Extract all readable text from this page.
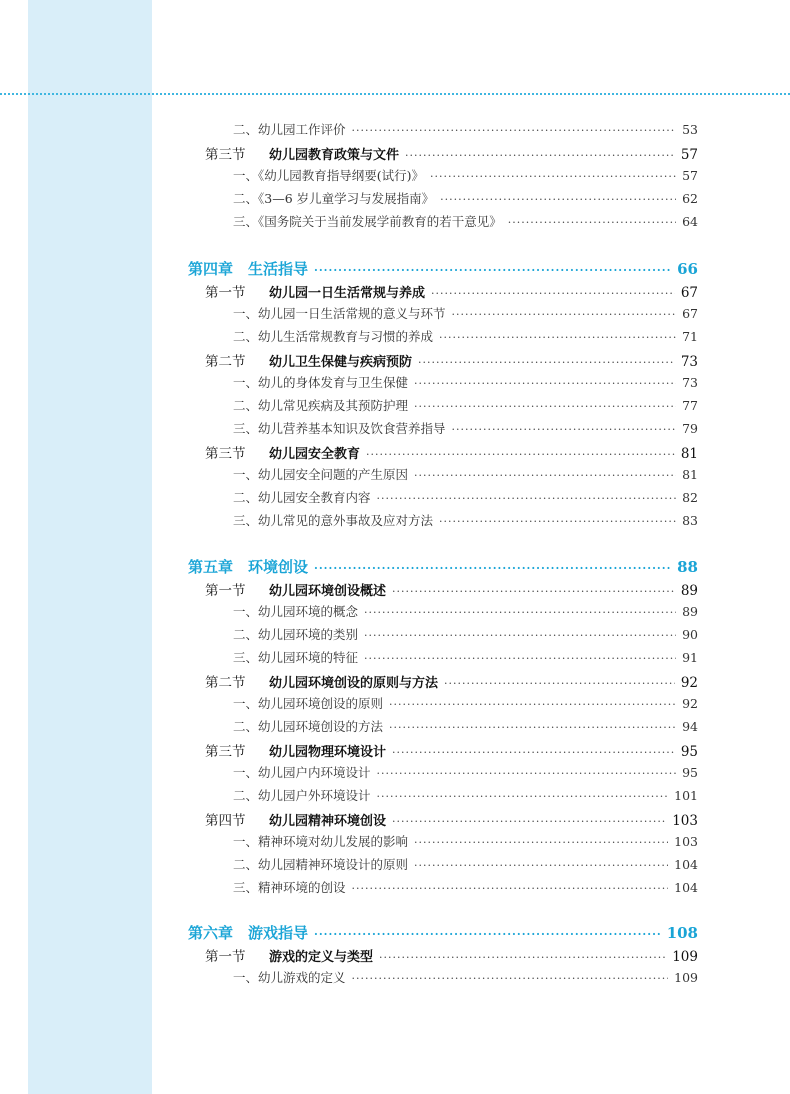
二、幼儿园工作评价 ·····	53
第三节 幼儿园教育政策与文件 ·····	57
一、《幼儿园教育指导纲要(试行)》 ·····	57
二、《3—6 岁儿童学习与发展指南》 ·····	62
三、《国务院关于当前发展学前教育的若干意见》 ·····	64
第四章　生活指导 ·····	66
第一节 幼儿园一日生活常规与养成 ·····	67
一、幼儿园一日生活常规的意义与环节 ·····	67
二、幼儿生活常规教育与习惯的养成 ·····	71
第二节 幼儿卫生保健与疾病预防 ·····	73
一、幼儿的身体发育与卫生保健 ·····	73
二、幼儿常见疾病及其预防护理 ·····	77
三、幼儿营养基本知识及饮食营养指导 ·····	79
第三节 幼儿园安全教育 ·····	81
一、幼儿园安全问题的产生原因 ·····	81
二、幼儿园安全教育内容 ·····	82
三、幼儿常见的意外事故及应对方法 ·····	83
第五章　环境创设 ·····	88
第一节 幼儿园环境创设概述 ·····	89
一、幼儿园环境的概念 ·····	89
二、幼儿园环境的类别 ·····	90
三、幼儿园环境的特征 ·····	91
第二节 幼儿园环境创设的原则与方法 ·····	92
一、幼儿园环境创设的原则 ·····	92
二、幼儿园环境创设的方法 ·····	94
第三节 幼儿园物理环境设计 ·····	95
一、幼儿园户内环境设计 ·····	95
二、幼儿园户外环境设计 ·····	101
第四节 幼儿园精神环境创设 ·····	103
一、精神环境对幼儿发展的影响 ·····	103
二、幼儿园精神环境设计的原则 ·····	104
三、精神环境的创设 ·····	104
第六章　游戏指导 ·····	108
第一节 游戏的定义与类型 ·····	109
一、幼儿游戏的定义 ·····	109
